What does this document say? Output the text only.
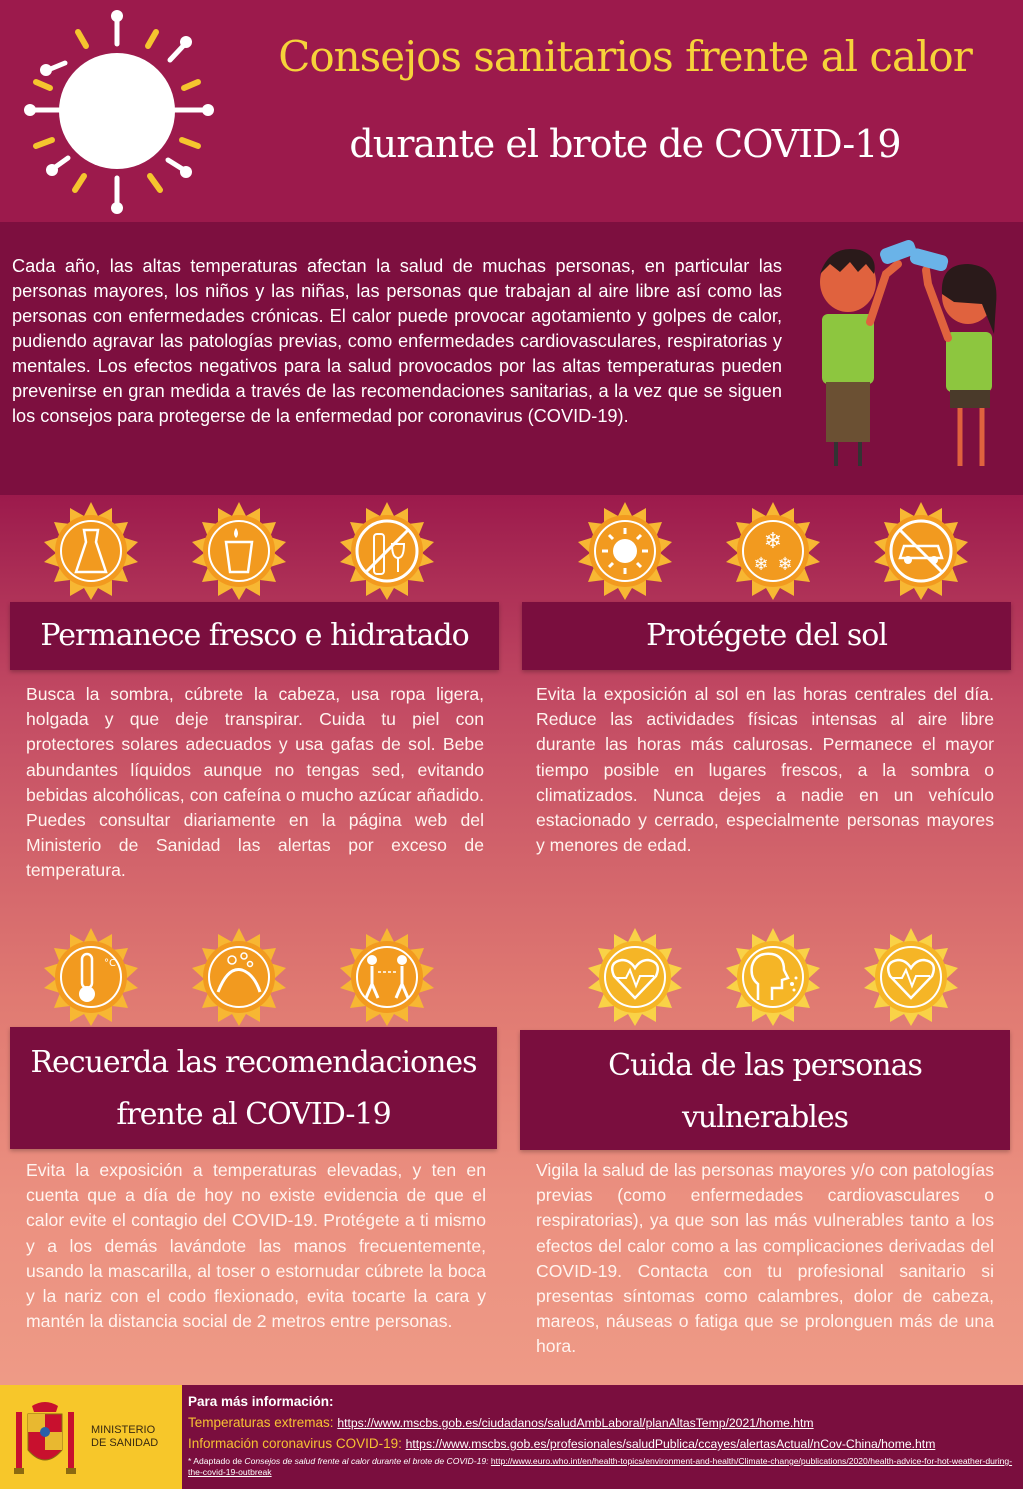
Consejos sanitarios frente al calor
durante el brote de COVID-19
Cada año, las altas temperaturas afectan la salud de muchas personas, en particular las personas mayores, los niños y las niñas, las personas que trabajan al aire libre así como las personas con enfermedades crónicas. El calor puede provocar agotamiento y golpes de calor, pudiendo agravar las patologías previas, como enfermedades cardiovasculares, respiratorias y mentales. Los efectos negativos para la salud provocados por las altas temperaturas pueden prevenirse en gran medida a través de las recomendaciones sanitarias, a la vez que se siguen los consejos para protegerse de la enfermedad por coronavirus (COVID-19).
❄
❄ ❄
Permanece fresco e hidratado
Busca la sombra, cúbrete la cabeza, usa ropa ligera, holgada y que deje transpirar. Cuida tu piel con protectores solares adecuados y usa gafas de sol. Bebe abundantes líquidos aunque no tengas sed, evitando bebidas alcohólicas, con cafeína o mucho azúcar añadido. Puedes consultar diariamente en la página web del Ministerio de Sanidad las alertas por exceso de temperatura.
Protégete del sol
Evita la exposición al sol en las horas centrales del día. Reduce las actividades físicas intensas al aire libre durante las horas más calurosas. Permanece el mayor tiempo posible en lugares frescos, a la sombra o climatizados. Nunca dejes a nadie en un vehículo estacionado y cerrado, especialmente personas mayores y menores de edad.
°C
Recuerda las recomendaciones
frente al COVID-19
Evita la exposición a temperaturas elevadas, y ten en cuenta que a día de hoy no existe evidencia de que el calor evite el contagio del COVID-19. Protégete a ti mismo y a los demás lavándote las manos frecuentemente, usando la mascarilla, al toser o estornudar cúbrete la boca y la nariz con el codo flexionado, evita tocarte la cara y mantén la distancia social de 2 metros entre personas.
Cuida de las personas
vulnerables
Vigila la salud de las personas mayores y/o con patologías previas (como enfermedades cardiovasculares o respiratorias), ya que son las más vulnerables tanto a los efectos del calor como a las complicaciones derivadas del COVID-19. Contacta con tu profesional sanitario si presentas síntomas como calambres, dolor de cabeza, mareos, náuseas o fatiga que se prolonguen más de una hora.
MINISTERIO
DE SANIDAD
Para más información:
Temperaturas extremas: https://www.mscbs.gob.es/ciudadanos/saludAmbLaboral/planAltasTemp/2021/home.htm
Información coronavirus COVID-19: https://www.mscbs.gob.es/profesionales/saludPublica/ccayes/alertasActual/nCov-China/home.htm
* Adaptado de Consejos de salud frente al calor durante el brote de COVID-19: http://www.euro.who.int/en/health-topics/environment-and-health/Climate-change/publications/2020/health-advice-for-hot-weather-during-the-covid-19-outbreak
